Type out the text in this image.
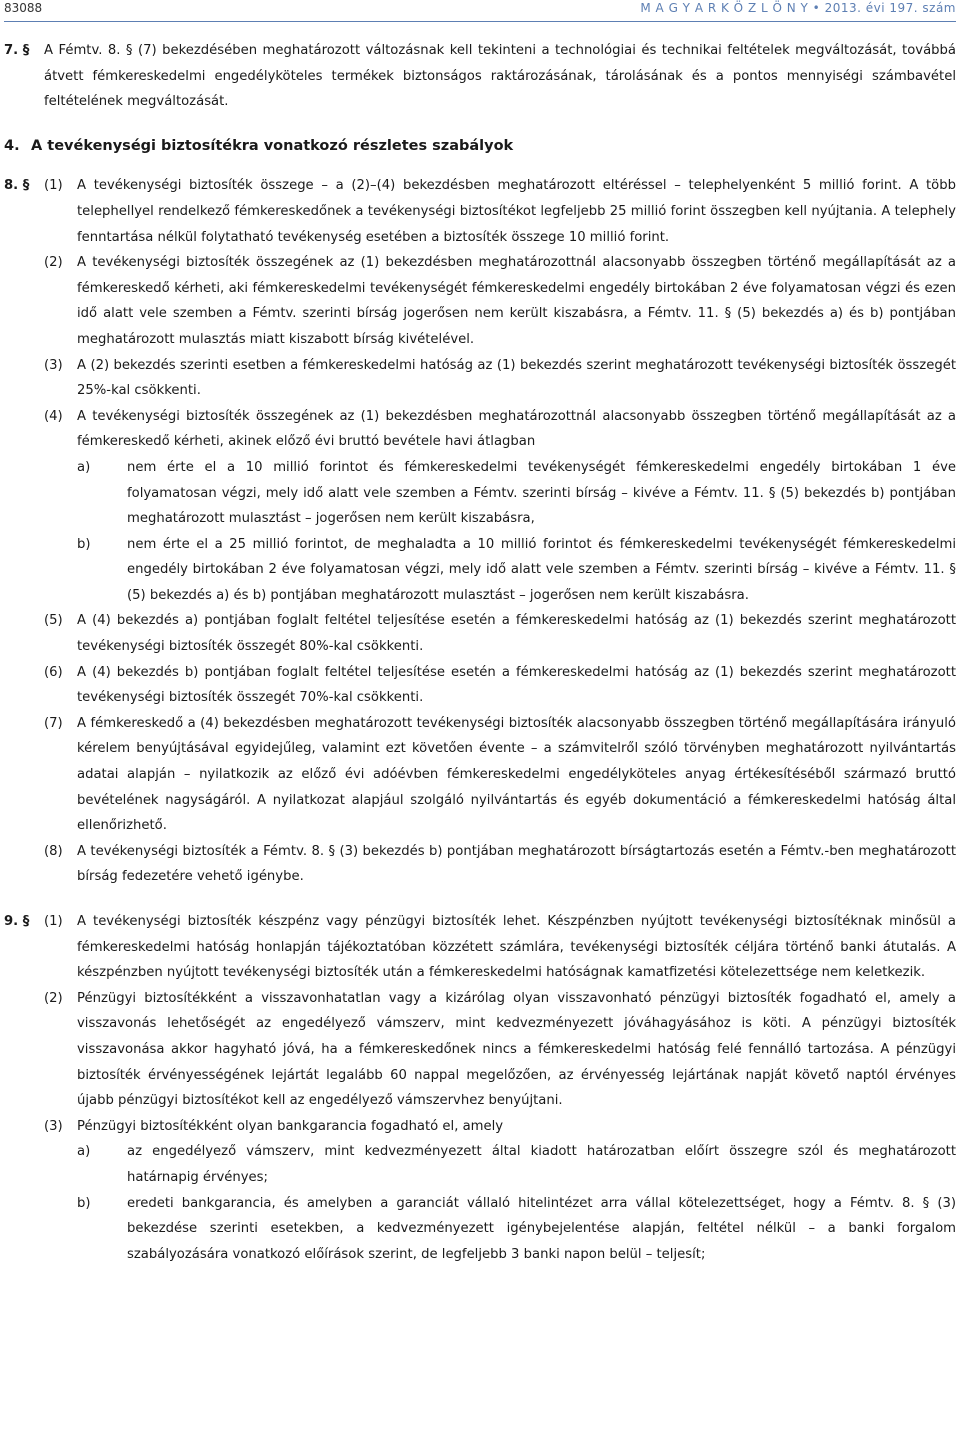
83088	M A G Y A R K Ö Z L Ö N Y • 2013. évi 197. szám
7. §	A Fémtv. 8. § (7) bekezdésében meghatározott változásnak kell tekinteni a technológiai és technikai feltételek megváltozását, továbbá átvett fémkereskedelmi engedélyköteles termékek biztonságos raktározásának, tárolásának és a pontos mennyiségi számbavétel feltételének megváltozását.
4. A tevékenységi biztosítékra vonatkozó részletes szabályok
8. §	(1)	A tevékenységi biztosíték összege – a (2)–(4) bekezdésben meghatározott eltéréssel – telephelyenként 5 millió forint. A több telephellyel rendelkező fémkereskedőnek a tevékenységi biztosítékot legfeljebb 25 millió forint összegben kell nyújtania. A telephely fenntartása nélkül folytatható tevékenység esetében a biztosíték összege 10 millió forint.
(2)	A tevékenységi biztosíték összegének az (1) bekezdésben meghatározottnál alacsonyabb összegben történő megállapítását az a fémkereskedő kérheti, aki fémkereskedelmi tevékenységét fémkereskedelmi engedély birtokában 2 éve folyamatosan végzi és ezen idő alatt vele szemben a Fémtv. szerinti bírság jogerősen nem került kiszabásra, a Fémtv. 11. § (5) bekezdés a) és b) pontjában meghatározott mulasztás miatt kiszabott bírság kivételével.
(3)	A (2) bekezdés szerinti esetben a fémkereskedelmi hatóság az (1) bekezdés szerint meghatározott tevékenységi biztosíték összegét 25%-kal csökkenti.
(4)	A tevékenységi biztosíték összegének az (1) bekezdésben meghatározottnál alacsonyabb összegben történő megállapítását az a fémkereskedő kérheti, akinek előző évi bruttó bevétele havi átlagban
a)	nem érte el a 10 millió forintot és fémkereskedelmi tevékenységét fémkereskedelmi engedély birtokában 1 éve folyamatosan végzi, mely idő alatt vele szemben a Fémtv. szerinti bírság – kivéve a Fémtv. 11. § (5) bekezdés b) pontjában meghatározott mulasztást – jogerősen nem került kiszabásra,
b)	nem érte el a 25 millió forintot, de meghaladta a 10 millió forintot és fémkereskedelmi tevékenységét fémkereskedelmi engedély birtokában 2 éve folyamatosan végzi, mely idő alatt vele szemben a Fémtv. szerinti bírság – kivéve a Fémtv. 11. § (5) bekezdés a) és b) pontjában meghatározott mulasztást – jogerősen nem került kiszabásra.
(5)	A (4) bekezdés a) pontjában foglalt feltétel teljesítése esetén a fémkereskedelmi hatóság az (1) bekezdés szerint meghatározott tevékenységi biztosíték összegét 80%-kal csökkenti.
(6)	A (4) bekezdés b) pontjában foglalt feltétel teljesítése esetén a fémkereskedelmi hatóság az (1) bekezdés szerint meghatározott tevékenységi biztosíték összegét 70%-kal csökkenti.
(7)	A fémkereskedő a (4) bekezdésben meghatározott tevékenységi biztosíték alacsonyabb összegben történő megállapítására irányuló kérelem benyújtásával egyidejűleg, valamint ezt követően évente – a számvitelről szóló törvényben meghatározott nyilvántartás adatai alapján – nyilatkozik az előző évi adóévben fémkereskedelmi engedélyköteles anyag értékesítéséből származó bruttó bevételének nagyságáról. A nyilatkozat alapjául szolgáló nyilvántartás és egyéb dokumentáció a fémkereskedelmi hatóság által ellenőrizhető.
(8)	A tevékenységi biztosíték a Fémtv. 8. § (3) bekezdés b) pontjában meghatározott bírságtartozás esetén a Fémtv.-ben meghatározott bírság fedezetére vehető igénybe.
9. §	(1)	A tevékenységi biztosíték készpénz vagy pénzügyi biztosíték lehet. Készpénzben nyújtott tevékenységi biztosítéknak minősül a fémkereskedelmi hatóság honlapján tájékoztatóban közzétett számlára, tevékenységi biztosíték céljára történő banki átutalás. A készpénzben nyújtott tevékenységi biztosíték után a fémkereskedelmi hatóságnak kamatfizetési kötelezettsége nem keletkezik.
(2)	Pénzügyi biztosítékként a visszavonhatatlan vagy a kizárólag olyan visszavonható pénzügyi biztosíték fogadható el, amely a visszavonás lehetőségét az engedélyező vámszerv, mint kedvezményezett jóváhagyásához is köti. A pénzügyi biztosíték visszavonása akkor hagyható jóvá, ha a fémkereskedőnek nincs a fémkereskedelmi hatóság felé fennálló tartozása. A pénzügyi biztosíték érvényességének lejártát legalább 60 nappal megelőzően, az érvényesség lejártának napját követő naptól érvényes újabb pénzügyi biztosítékot kell az engedélyező vámszervhez benyújtani.
(3)	Pénzügyi biztosítékként olyan bankgarancia fogadható el, amely
a)	az engedélyező vámszerv, mint kedvezményezett által kiadott határozatban előírt összegre szól és meghatározott határnapig érvényes;
b)	eredeti bankgarancia, és amelyben a garanciát vállaló hitelintézet arra vállal kötelezettséget, hogy a Fémtv. 8. § (3) bekezdése szerinti esetekben, a kedvezményezett igénybejelentése alapján, feltétel nélkül – a banki forgalom szabályozására vonatkozó előírások szerint, de legfeljebb 3 banki napon belül – teljesít;
